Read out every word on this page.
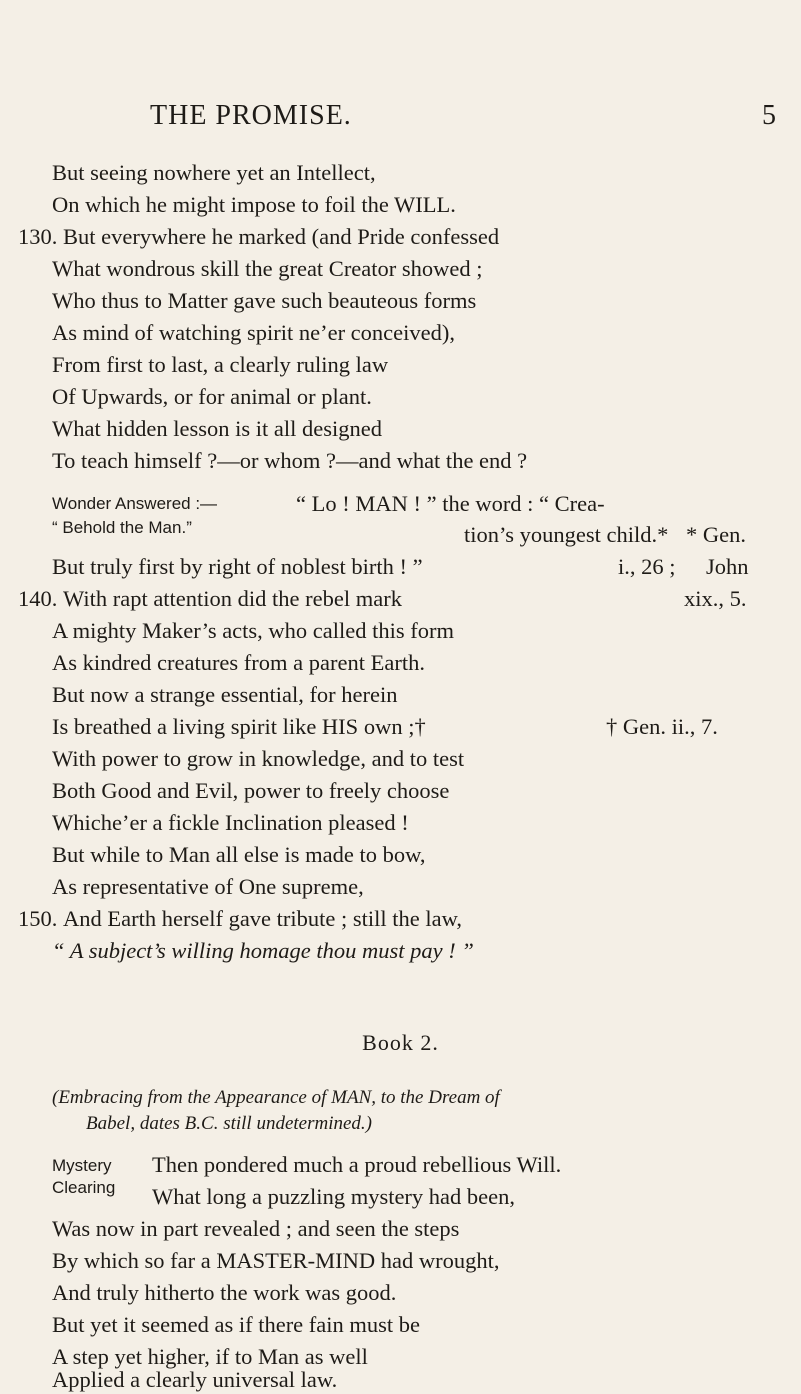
THE PROMISE.	5
But seeing nowhere yet an Intellect,
On which he might impose to foil the WILL.
130. But everywhere he marked (and Pride confessed
What wondrous skill the great Creator showed ;
Who thus to Matter gave such beauteous forms
As mind of watching spirit ne’er conceived),
From first to last, a clearly ruling law
Of Upwards, or for animal or plant.
What hidden lesson is it all designed
To teach himself ?—or whom ?—and what the end ?
Wonder Answered :—
“ Behold the Man.”
“ Lo ! MAN ! ” the word : “ Crea-
tion’s youngest child.* * Gen.
But truly first by right of noblest birth ! ”	i., 26 ; John
140. With rapt attention did the rebel mark	xix., 5.
A mighty Maker’s acts, who called this form
As kindred creatures from a parent Earth.
But now a strange essential, for herein
Is breathed a living spirit like HIS own ;†	† Gen. ii., 7.
With power to grow in knowledge, and to test
Both Good and Evil, power to freely choose
Whiche’er a fickle Inclination pleased !
But while to Man all else is made to bow,
As representative of One supreme,
150. And Earth herself gave tribute ; still the law,
“ A subject’s willing homage thou must pay ! ”
Book 2.
(Embracing from the Appearance of MAN, to the Dream of
Babel, dates B.C. still undetermined.)
Mystery
Clearing
Then pondered much a proud rebellious Will.
What long a puzzling mystery had been,
Was now in part revealed ; and seen the steps
By which so far a MASTER-MIND had wrought,
And truly hitherto the work was good.
But yet it seemed as if there fain must be
A step yet higher, if to Man as well
Applied a clearly universal law.
